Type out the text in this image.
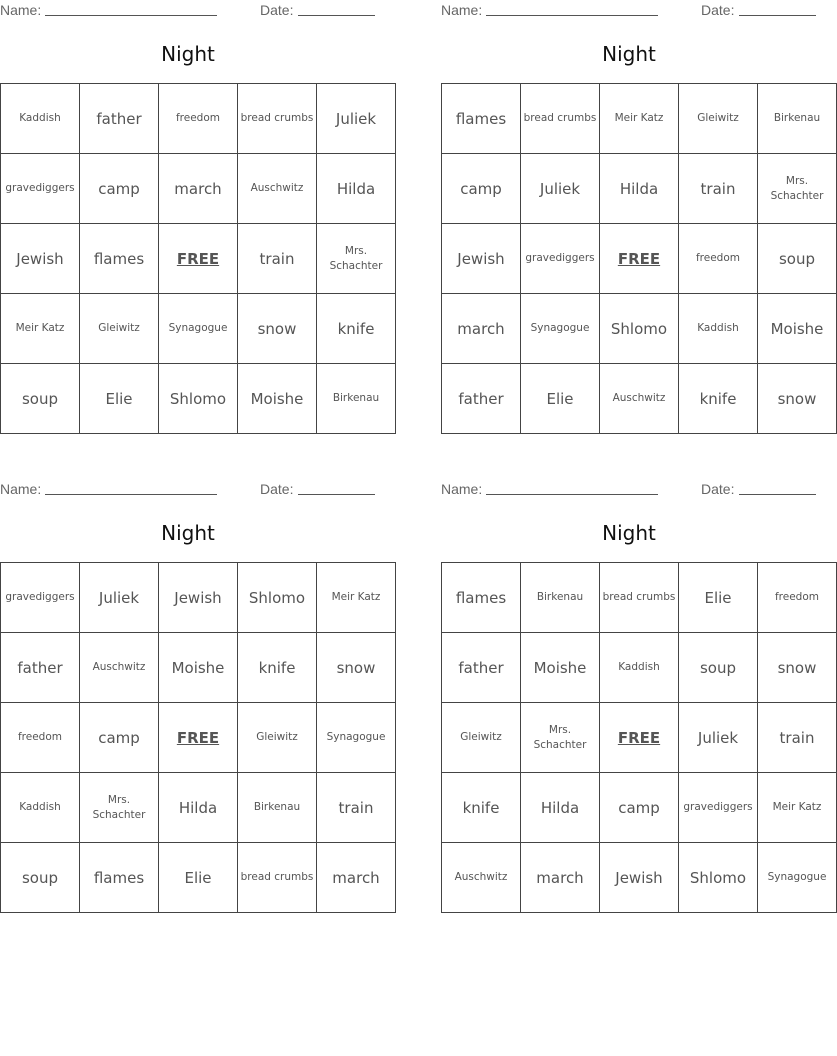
Name:	Date:
Night
Kaddish	father	freedom	bread crumbs	Juliek
gravediggers	camp	march	Auschwitz	Hilda
Jewish	flames	FREE	train	Mrs. Schachter
Meir Katz	Gleiwitz	Synagogue	snow	knife
soup	Elie	Shlomo	Moishe	Birkenau
Name:	Date:
Night
flames	bread crumbs	Meir Katz	Gleiwitz	Birkenau
camp	Juliek	Hilda	train	Mrs. Schachter
Jewish	gravediggers	FREE	freedom	soup
march	Synagogue	Shlomo	Kaddish	Moishe
father	Elie	Auschwitz	knife	snow
Name:	Date:
Night
gravediggers	Juliek	Jewish	Shlomo	Meir Katz
father	Auschwitz	Moishe	knife	snow
freedom	camp	FREE	Gleiwitz	Synagogue
Kaddish	Mrs. Schachter	Hilda	Birkenau	train
soup	flames	Elie	bread crumbs	march
Name:	Date:
Night
flames	Birkenau	bread crumbs	Elie	freedom
father	Moishe	Kaddish	soup	snow
Gleiwitz	Mrs. Schachter	FREE	Juliek	train
knife	Hilda	camp	gravediggers	Meir Katz
Auschwitz	march	Jewish	Shlomo	Synagogue
